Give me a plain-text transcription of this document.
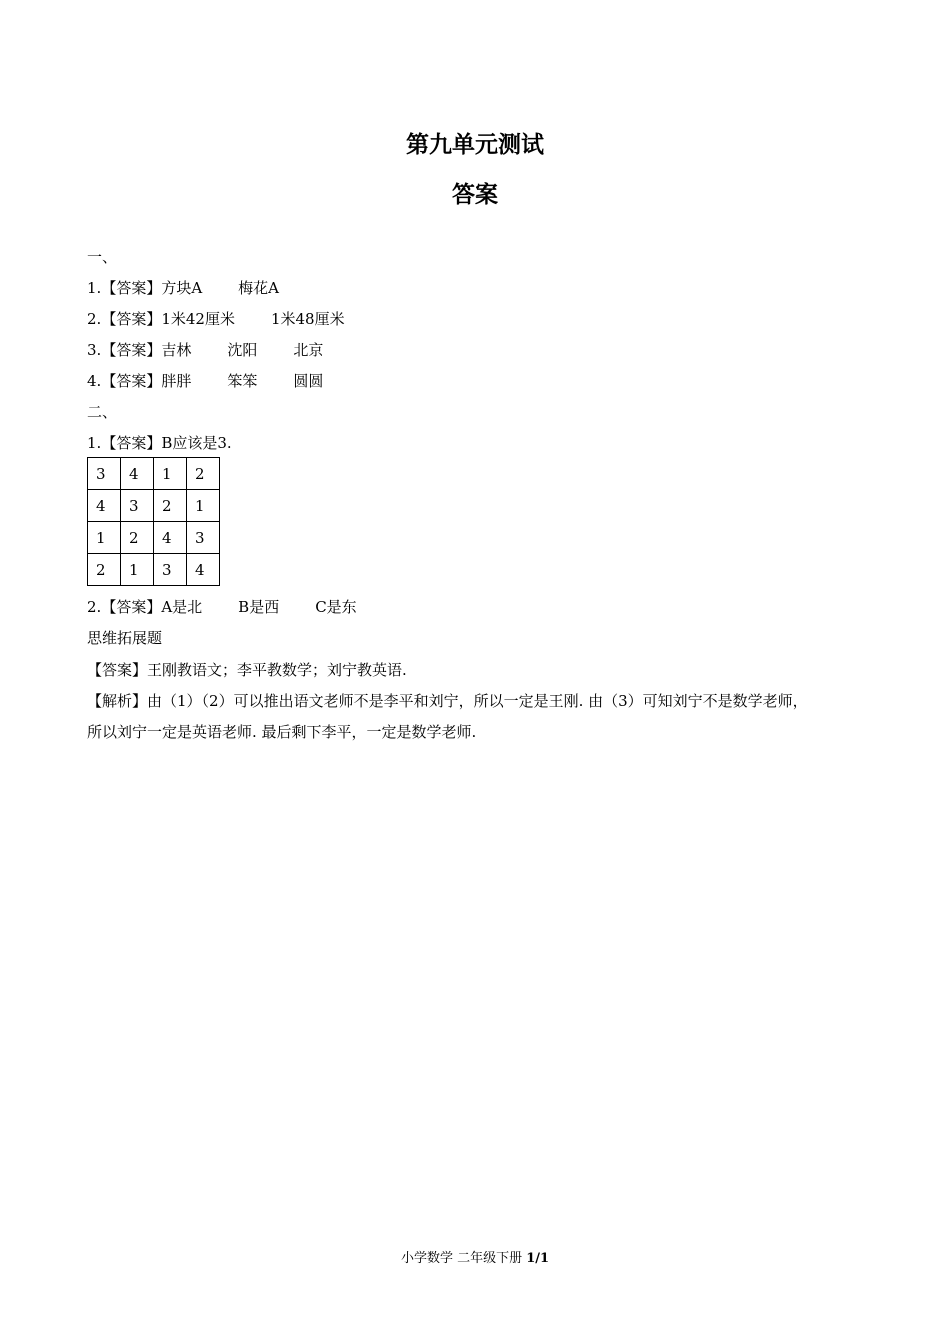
第九单元测试
答案
一、
1.【答案】方块A 梅花A
2.【答案】1米42厘米 1米48厘米
3.【答案】吉林 沈阳 北京
4.【答案】胖胖 笨笨 圆圆
二、
1.【答案】B应该是3.
3	4	1	2
4	3	2	1
1	2	4	3
2	1	3	4
2.【答案】A是北 B是西 C是东
思维拓展题
【答案】王刚教语文；李平教数学；刘宁教英语.
【解析】由（1）（2）可以推出语文老师不是李平和刘宁，所以一定是王刚. 由（3）可知刘宁不是数学老师，
所以刘宁一定是英语老师. 最后剩下李平，一定是数学老师.
小学数学 二年级下册 1/1
